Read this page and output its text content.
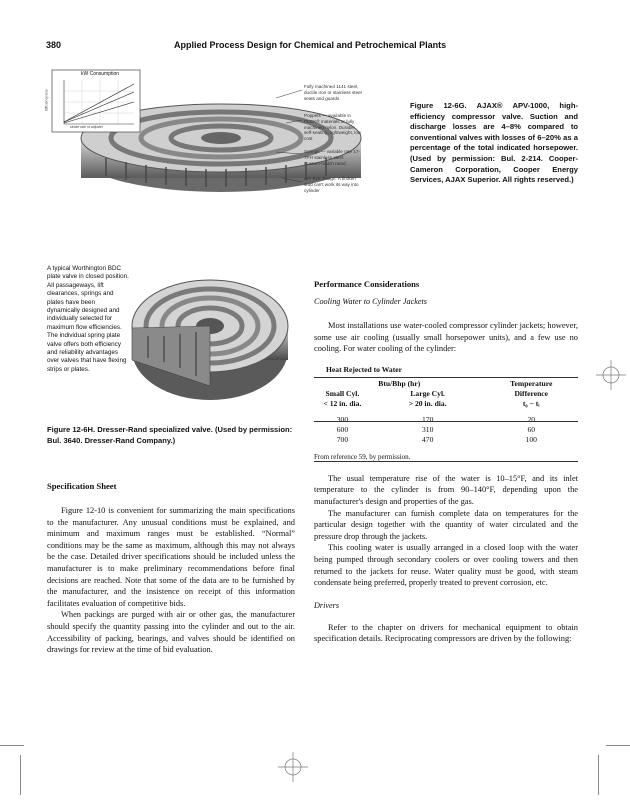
380	Applied Process Design for Chemical and Petrochemical Plants
kW Consumption
stroke rate rd adjuster
Efficiency loss

Fully machined 1141 steel, ductile iron or stainless steel seats and guards

Poppets — available in PEEK® materials or fully machined nylon. Durable, self-seating, lightweight, low cost

Springs — variable rate 17-7PH stainless steel. Custom-match rated

API-618 design. A broken stud can't work its way into cylinder

Figure 12-6G. AJAX® APV-1000, high-efficiency compressor valve. Suction and discharge losses are 4–8% compared to conventional valves with losses of 6–20% as a percentage of the total indicated horsepower. (Used by permission: Bul. 2-214. Cooper-Cameron Corporation, Cooper Energy Services, AJAX Superior. All rights reserved.)

A typical Worthington BDC plate valve in closed position. All passageways, lift clearances, springs and plates have been dynamically designed and individually selected for maximum flow efficiencies. The individual spring plate valve offers both efficiency and reliability advantages over valves that have flexing strips or plates.

Figure 12-6H. Dresser-Rand specialized valve. (Used by permission: Bul. 3640. Dresser-Rand Company.)

Specification Sheet

Figure 12-10 is convenient for summarizing the main specifications to the manufacturer. Any unusual conditions must be explained, and minimum and maximum ranges must be established. “Normal” conditions may be the same as maximum, although this may not always be the case. Detailed driver specifications should be included unless the manufacturer is to make preliminary recommendations before final decisions are reached. Note that some of the data are to be furnished by the manufacturer, and the insistence on receipt of this information facilitates evaluation of competitive bids.

When packings are purged with air or other gas, the manufacturer should specify the quantity passing into the cylinder and out to the air. Accessibility of packing, bearings, and valves should be identified on drawings for review at the time of bid evaluation.

Performance Considerations

Cooling Water to Cylinder Jackets

Most installations use water-cooled compressor cylinder jackets; however, some use air cooling (usually small horsepower units), and a few use no cooling. For water cooling of the cylinder:

Heat Rejected to Water
Btu/Bhp (hr)	Temperature
Small Cyl.	Large Cyl.	Difference
< 12 in. dia.	> 20 in. dia.	t₀ − tᵢ
300	170	20
600	310	60
700	470	100
From reference 59, by permission.

The usual temperature rise of the water is 10–15°F, and its inlet temperature to the cylinder is from 90–140°F, depending upon the manufacturer's design and properties of the gas.

The manufacturer can furnish complete data on temperatures for the particular design together with the quantity of water circulated and the pressure drop through the jackets.

This cooling water is usually arranged in a closed loop with the water being pumped through secondary coolers or over cooling towers and then returned to the jackets for reuse. Water quality must be good, with steam condensate being preferred, properly treated to prevent corrosion, etc.

Drivers

Refer to the chapter on drivers for mechanical equipment to obtain specification details. Reciprocating compressors are driven by the following:
